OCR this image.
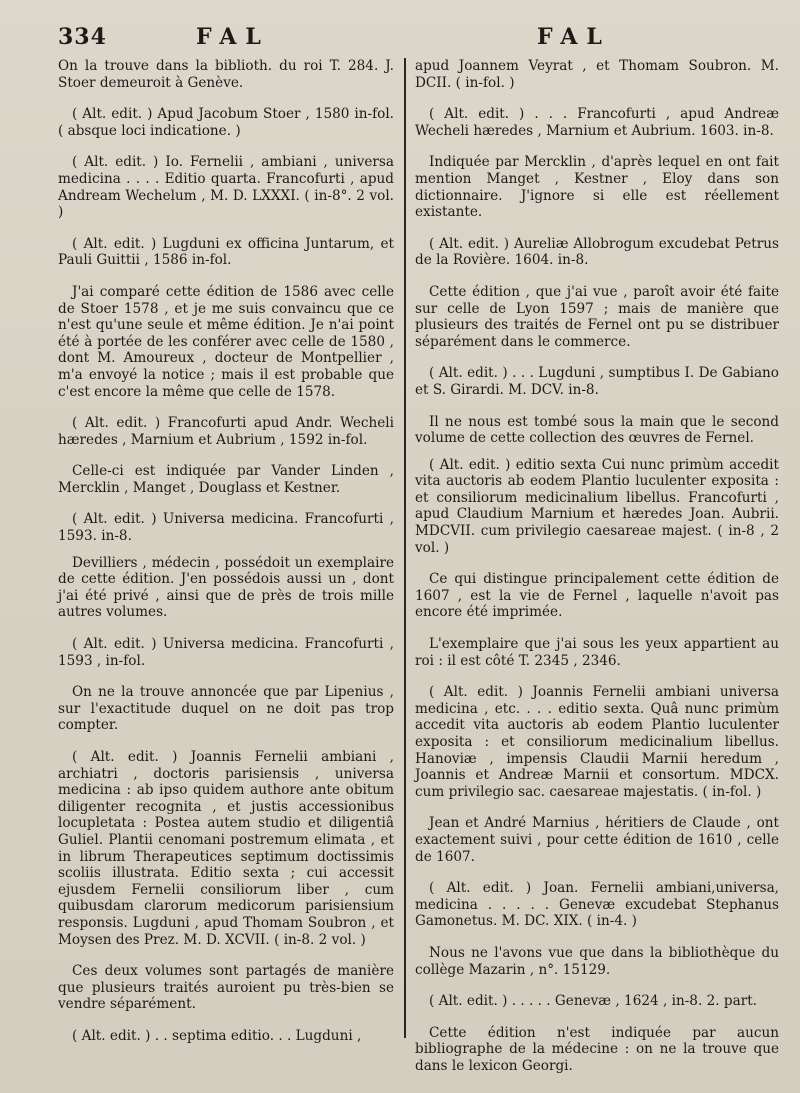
334	FAL	FAL

On la trouve dans la biblioth. du roi T. 284. J. Stoer demeuroit à Genève.

( Alt. edit. ) Apud Jacobum Stoer , 1580 in-fol. ( absque loci indicatione. )

( Alt. edit. ) Io. Fernelii , ambiani , universa medicina . . . . Editio quarta. Francofurti , apud Andream Wechelum , M. D. LXXXI. ( in-8°. 2 vol. )

( Alt. edit. ) Lugduni ex officina Juntarum, et Pauli Guittii , 1586 in-fol.

J'ai comparé cette édition de 1586 avec celle de Stoer 1578 , et je me suis convaincu que ce n'est qu'une seule et même édition. Je n'ai point été à portée de les conférer avec celle de 1580 , dont M. Amoureux , docteur de Montpellier , m'a envoyé la notice ; mais il est probable que c'est encore la même que celle de 1578.

( Alt. edit. ) Francofurti apud Andr. Wecheli hæredes , Marnium et Aubrium , 1592 in-fol.

Celle-ci est indiquée par Vander Linden , Mercklin , Manget , Douglass et Kestner.

( Alt. edit. ) Universa medicina. Francofurti , 1593. in-8.

Devilliers , médecin , possédoit un exemplaire de cette édition. J'en possédois aussi un , dont j'ai été privé , ainsi que de près de trois mille autres volumes.

( Alt. edit. ) Universa medicina. Francofurti , 1593 , in-fol.

On ne la trouve annoncée que par Lipenius , sur l'exactitude duquel on ne doit pas trop compter.

( Alt. edit. ) Joannis Fernelii ambiani , archiatri , doctoris parisiensis , universa medicina : ab ipso quidem authore ante obitum diligenter recognita , et justis accessionibus locupletata : Postea autem studio et diligentiâ Guliel. Plantii cenomani postremum elimata , et in librum Therapeutices septimum doctissimis scoliis illustrata. Editio sexta ; cui accessit ejusdem Fernelii consiliorum liber , cum quibusdam clarorum medicorum parisiensium responsis. Lugduni , apud Thomam Soubron , et Moysen des Prez. M. D. XCVII. ( in-8. 2 vol. )

Ces deux volumes sont partagés de manière que plusieurs traités auroient pu très-bien se vendre séparément.

( Alt. edit. ) . . septima editio. . . Lugduni ,

apud Joannem Veyrat , et Thomam Soubron. M. DCII. ( in-fol. )

( Alt. edit. ) . . . Francofurti , apud Andreæ Wecheli hæredes , Marnium et Aubrium. 1603. in-8.

Indiquée par Mercklin , d'après lequel en ont fait mention Manget , Kestner , Eloy dans son dictionnaire. J'ignore si elle est réellement existante.

( Alt. edit. ) Aureliæ Allobrogum excudebat Petrus de la Rovière. 1604. in-8.

Cette édition , que j'ai vue , paroît avoir été faite sur celle de Lyon 1597 ; mais de manière que plusieurs des traités de Fernel ont pu se distribuer séparément dans le commerce.

( Alt. edit. ) . . . Lugduni , sumptibus I. De Gabiano et S. Girardi. M. DCV. in-8.

Il ne nous est tombé sous la main que le second volume de cette collection des œuvres de Fernel.

( Alt. edit. ) editio sexta Cui nunc primùm accedit vita auctoris ab eodem Plantio luculenter exposita : et consiliorum medicinalium libellus. Francofurti , apud Claudium Marnium et hæredes Joan. Aubrii. MDCVII. cum privilegio caesareae majest. ( in-8 , 2 vol. )

Ce qui distingue principalement cette édition de 1607 , est la vie de Fernel , laquelle n'avoit pas encore été imprimée.

L'exemplaire que j'ai sous les yeux appartient au roi : il est côté T. 2345 , 2346.

( Alt. edit. ) Joannis Fernelii ambiani universa medicina , etc. . . . editio sexta. Quâ nunc primùm accedit vita auctoris ab eodem Plantio luculenter exposita : et consiliorum medicinalium libellus. Hanoviæ , impensis Claudii Marnii heredum , Joannis et Andreæ Marnii et consortum. MDCX. cum privilegio sac. caesareae majestatis. ( in-fol. )

Jean et André Marnius , héritiers de Claude , ont exactement suivi , pour cette édition de 1610 , celle de 1607.

( Alt. edit. ) Joan. Fernelii ambiani,universa, medicina . . . . . Genevæ excudebat Stephanus Gamonetus. M. DC. XIX. ( in-4. )

Nous ne l'avons vue que dans la bibliothèque du collège Mazarin , n°. 15129.

( Alt. edit. ) . . . . . Genevæ , 1624 , in-8. 2. part.

Cette édition n'est indiquée par aucun bibliographe de la médecine : on ne la trouve que dans le lexicon Georgi.
